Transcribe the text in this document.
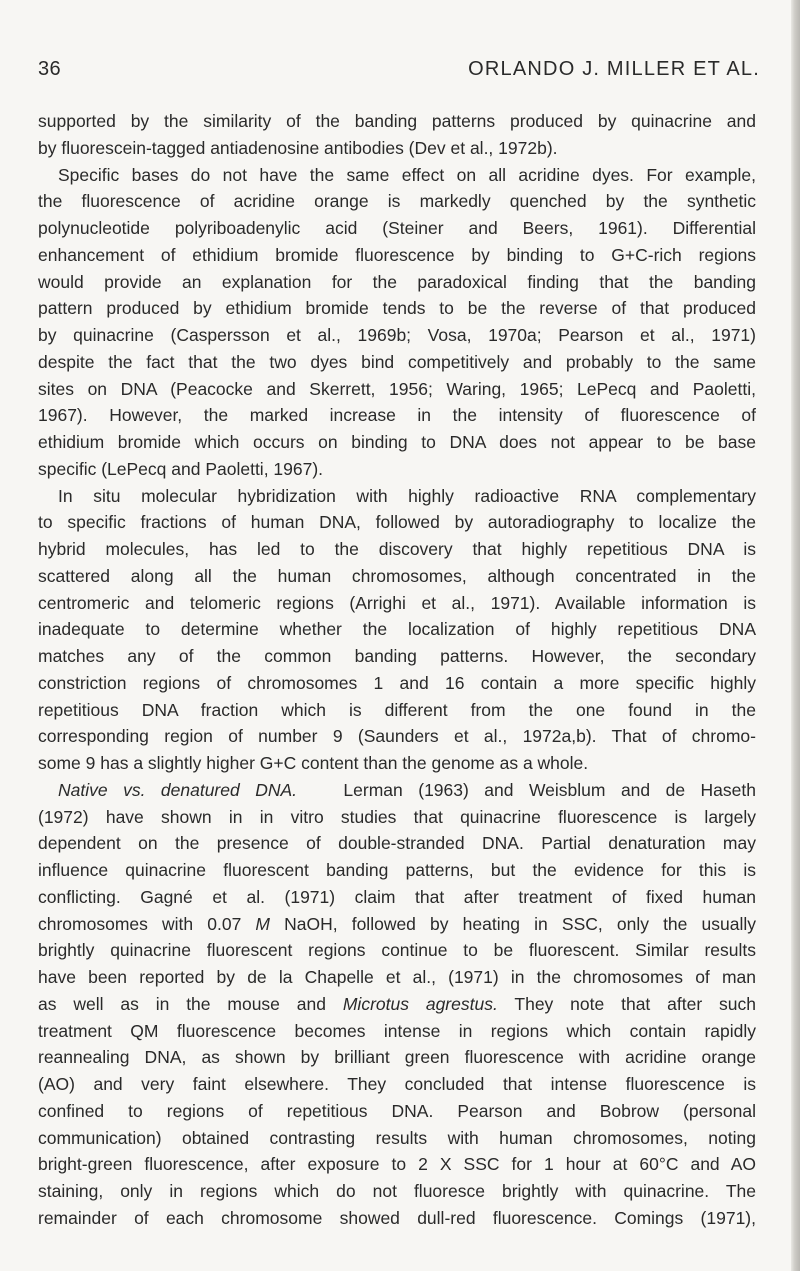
36	ORLANDO J. MILLER ET AL.
supported by the similarity of the banding patterns produced by quinacrine and
by fluorescein-tagged antiadenosine antibodies (Dev et al., 1972b).
Specific bases do not have the same effect on all acridine dyes. For example,
the fluorescence of acridine orange is markedly quenched by the synthetic
polynucleotide polyriboadenylic acid (Steiner and Beers, 1961). Differential
enhancement of ethidium bromide fluorescence by binding to G+C-rich regions
would provide an explanation for the paradoxical finding that the banding
pattern produced by ethidium bromide tends to be the reverse of that produced
by quinacrine (Caspersson et al., 1969b; Vosa, 1970a; Pearson et al., 1971)
despite the fact that the two dyes bind competitively and probably to the same
sites on DNA (Peacocke and Skerrett, 1956; Waring, 1965; LePecq and Paoletti,
1967). However, the marked increase in the intensity of fluorescence of
ethidium bromide which occurs on binding to DNA does not appear to be base
specific (LePecq and Paoletti, 1967).
In situ molecular hybridization with highly radioactive RNA complementary
to specific fractions of human DNA, followed by autoradiography to localize the
hybrid molecules, has led to the discovery that highly repetitious DNA is
scattered along all the human chromosomes, although concentrated in the
centromeric and telomeric regions (Arrighi et al., 1971). Available information is
inadequate to determine whether the localization of highly repetitious DNA
matches any of the common banding patterns. However, the secondary
constriction regions of chromosomes 1 and 16 contain a more specific highly
repetitious DNA fraction which is different from the one found in the
corresponding region of number 9 (Saunders et al., 1972a,b). That of chromo-
some 9 has a slightly higher G+C content than the genome as a whole.
Native vs. denatured DNA.   Lerman (1963) and Weisblum and de Haseth
(1972) have shown in in vitro studies that quinacrine fluorescence is largely
dependent on the presence of double-stranded DNA. Partial denaturation may
influence quinacrine fluorescent banding patterns, but the evidence for this is
conflicting. Gagné et al. (1971) claim that after treatment of fixed human
chromosomes with 0.07 M NaOH, followed by heating in SSC, only the usually
brightly quinacrine fluorescent regions continue to be fluorescent. Similar results
have been reported by de la Chapelle et al., (1971) in the chromosomes of man
as well as in the mouse and Microtus agrestus. They note that after such
treatment QM fluorescence becomes intense in regions which contain rapidly
reannealing DNA, as shown by brilliant green fluorescence with acridine orange
(AO) and very faint elsewhere. They concluded that intense fluorescence is
confined to regions of repetitious DNA. Pearson and Bobrow (personal
communication) obtained contrasting results with human chromosomes, noting
bright-green fluorescence, after exposure to 2 X SSC for 1 hour at 60°C and AO
staining, only in regions which do not fluoresce brightly with quinacrine. The
remainder of each chromosome showed dull-red fluorescence. Comings (1971),
